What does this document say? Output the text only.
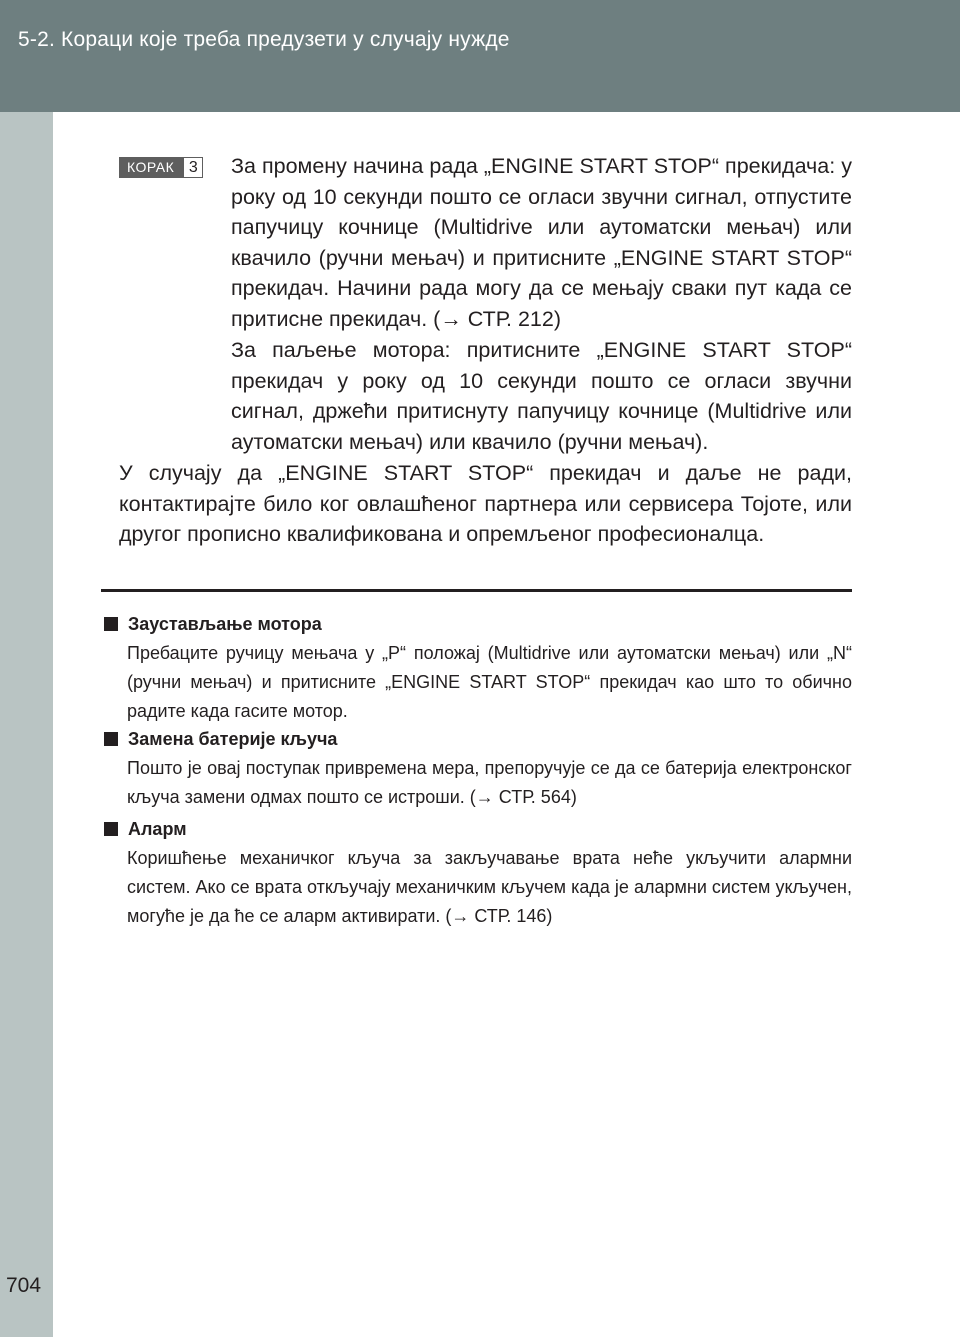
5-2. Кораци које треба предузети у случају нужде
КОРАК 3 За промену начина рада „ENGINE START STOP“ прекидача: у року од 10 секунди пошто се огласи звучни сигнал, отпустите папучицу кочнице (Multidrive или аутоматски мењач) или квачило (ручни мењач) и притисните „ENGINE START STOP“ прекидач. Начини рада могу да се мењају сваки пут када се притисне прекидач. (→ СТР. 212)

За паљење мотора: притисните „ENGINE START STOP“ прекидач у року од 10 секунди пошто се огласи звучни сигнал, држећи притиснуту папучицу кочнице (Multidrive или аутоматски мењач) или квачило (ручни мењач).

У случају да „ENGINE START STOP“ прекидач и даље не ради, контактирајте било ког овлашћеног партнера или сервисера Тојоте, или другог прописно квалификована и опремљеног професионалца.

Заустављање мотора
Пребаците ручицу мењача у „P“ положај (Multidrive или аутоматски мењач) или „N“ (ручни мењач) и притисните „ENGINE START STOP“ прекидач као што то обично радите када гасите мотор.
Замена батерије кључа
Пошто је овај поступак привремена мера, препоручује се да се батерија електронског кључа замени одмах пошто се истроши. (→ СТР. 564)
Аларм
Коришћење механичког кључа за закључавање врата неће укључити алармни систем. Ако се врата откључају механичким кључем када је алармни систем укључен, могуће је да ће се аларм активирати. (→ СТР. 146)
704
